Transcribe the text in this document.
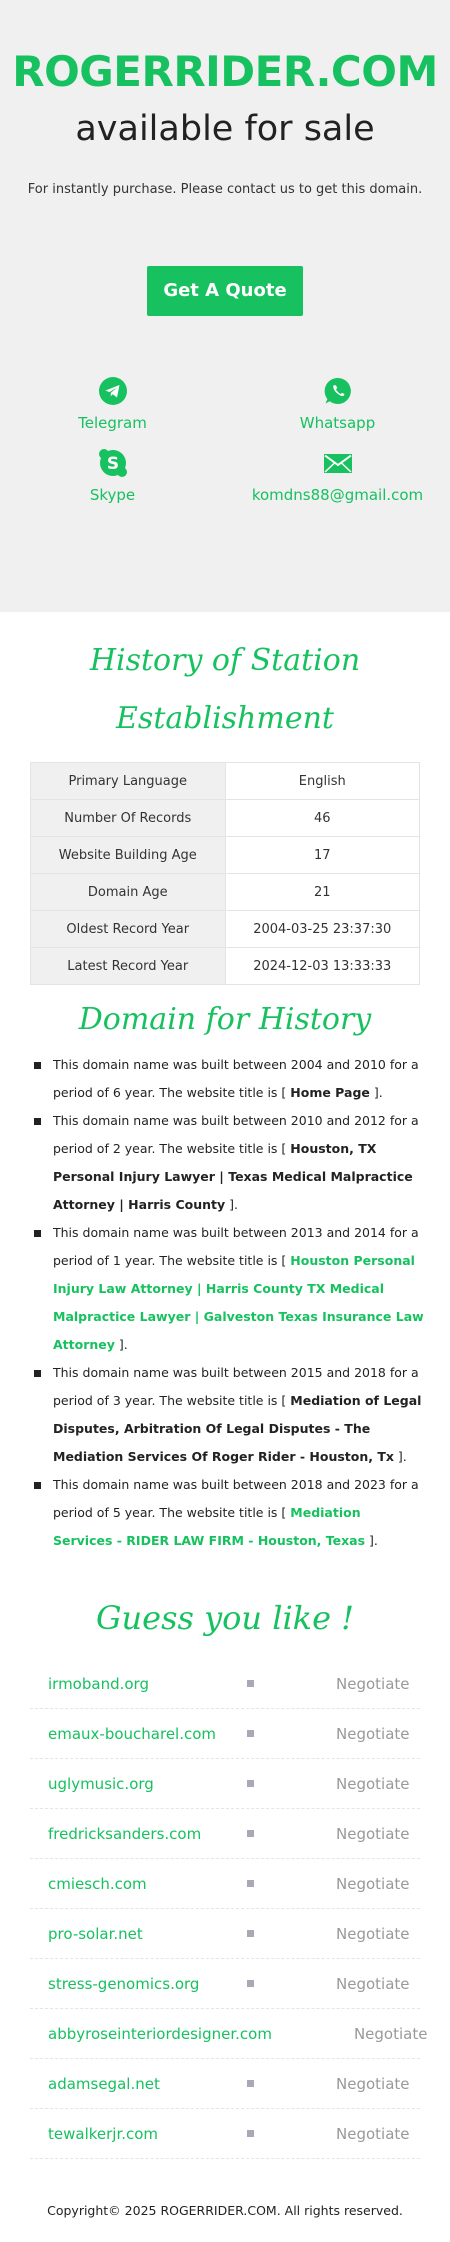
ROGERRIDER.COM
available for sale

For instantly purchase. Please contact us to get this domain.

Get A Quote
Telegram	Whatsapp
S
Skype	komdns88@gmail.com
History of Station Establishment
Primary Language	English
Number Of Records	46
Website Building Age	17
Domain Age	21
Oldest Record Year	2004-03-25 23:37:30
Latest Record Year	2024-12-03 13:33:33
Domain for History
This domain name was built between 2004 and 2010 for a period of 6 year. The website title is [ Home Page ].
This domain name was built between 2010 and 2012 for a period of 2 year. The website title is [ Houston, TX Personal Injury Lawyer | Texas Medical Malpractice Attorney | Harris County ].
This domain name was built between 2013 and 2014 for a period of 1 year. The website title is [ Houston Personal Injury Law Attorney | Harris County TX Medical Malpractice Lawyer | Galveston Texas Insurance Law Attorney ].
This domain name was built between 2015 and 2018 for a period of 3 year. The website title is [ Mediation of Legal Disputes, Arbitration Of Legal Disputes - The Mediation Services Of Roger Rider - Houston, Tx ].
This domain name was built between 2018 and 2023 for a period of 5 year. The website title is [ Mediation Services - RIDER LAW FIRM - Houston, Texas ].
Guess you like !
irmoband.org	Negotiate
emaux-boucharel.com	Negotiate
uglymusic.org	Negotiate
fredricksanders.com	Negotiate
cmiesch.com	Negotiate
pro-solar.net	Negotiate
stress-genomics.org	Negotiate
abbyroseinteriordesigner.com	Negotiate
adamsegal.net	Negotiate
tewalkerjr.com	Negotiate
Copyright© 2025 ROGERRIDER.COM. All rights reserved.
